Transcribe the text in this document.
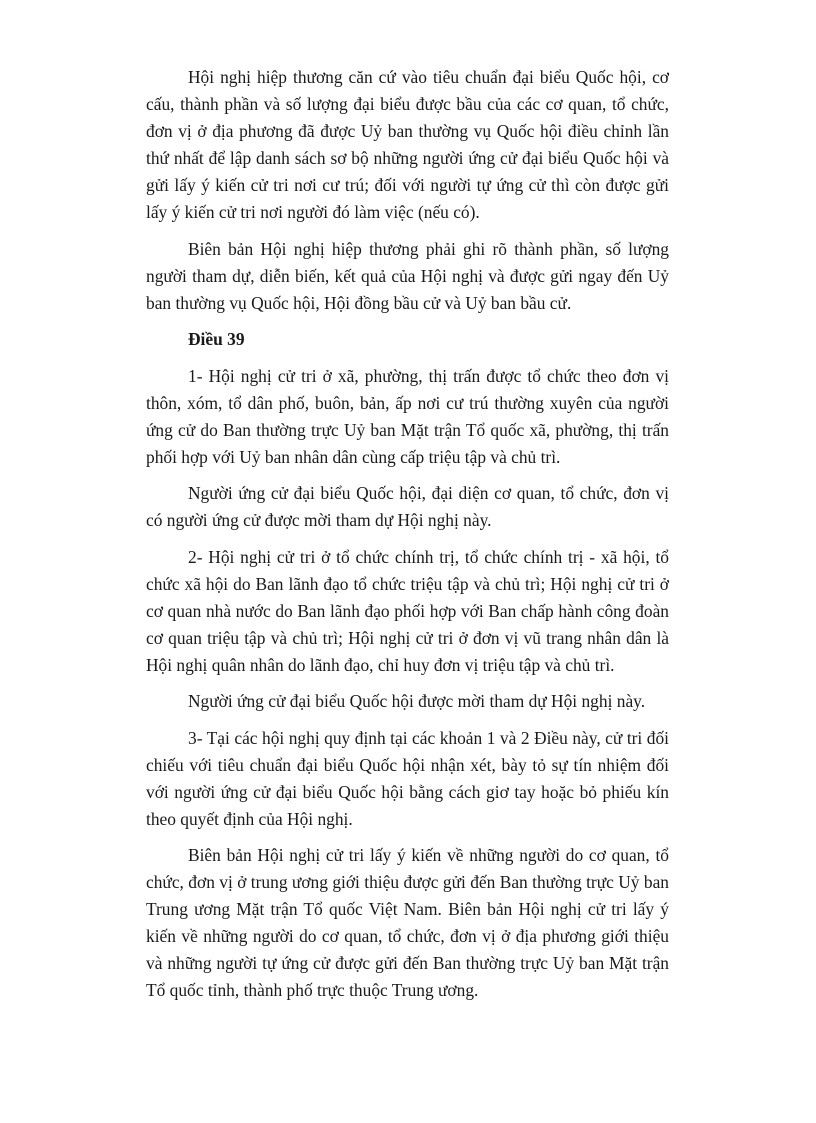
Hội nghị hiệp thương căn cứ vào tiêu chuẩn đại biểu Quốc hội, cơ cấu, thành phần và số lượng đại biểu được bầu của các cơ quan, tổ chức, đơn vị ở địa phương đã được Uỷ ban thường vụ Quốc hội điều chỉnh lần thứ nhất để lập danh sách sơ bộ những người ứng cử đại biểu Quốc hội và gửi lấy ý kiến cử tri nơi cư trú; đối với người tự ứng cử thì còn được gửi lấy ý kiến cử tri nơi người đó làm việc (nếu có).

Biên bản Hội nghị hiệp thương phải ghi rõ thành phần, số lượng người tham dự, diễn biến, kết quả của Hội nghị và được gửi ngay đến Uỷ ban thường vụ Quốc hội, Hội đồng bầu cử và Uỷ ban bầu cử.

Điều 39

1- Hội nghị cử tri ở xã, phường, thị trấn được tổ chức theo đơn vị thôn, xóm, tổ dân phố, buôn, bản, ấp nơi cư trú thường xuyên của người ứng cử do Ban thường trực Uỷ ban Mặt trận Tổ quốc xã, phường, thị trấn phối hợp với Uỷ ban nhân dân cùng cấp triệu tập và chủ trì.

Người ứng cử đại biểu Quốc hội, đại diện cơ quan, tổ chức, đơn vị có người ứng cử được mời tham dự Hội nghị này.

2- Hội nghị cử tri ở tổ chức chính trị, tổ chức chính trị - xã hội, tổ chức xã hội do Ban lãnh đạo tổ chức triệu tập và chủ trì; Hội nghị cử tri ở cơ quan nhà nước do Ban lãnh đạo phối hợp với Ban chấp hành công đoàn cơ quan triệu tập và chủ trì; Hội nghị cử tri ở đơn vị vũ trang nhân dân là Hội nghị quân nhân do lãnh đạo, chỉ huy đơn vị triệu tập và chủ trì.

Người ứng cử đại biểu Quốc hội được mời tham dự Hội nghị này.

3- Tại các hội nghị quy định tại các khoản 1 và 2 Điều này, cử tri đối chiếu với tiêu chuẩn đại biểu Quốc hội nhận xét, bày tỏ sự tín nhiệm đối với người ứng cử đại biểu Quốc hội bằng cách giơ tay hoặc bỏ phiếu kín theo quyết định của Hội nghị.

Biên bản Hội nghị cử tri lấy ý kiến về những người do cơ quan, tổ chức, đơn vị ở trung ương giới thiệu được gửi đến Ban thường trực Uỷ ban Trung ương Mặt trận Tổ quốc Việt Nam. Biên bản Hội nghị cử tri lấy ý kiến về những người do cơ quan, tổ chức, đơn vị ở địa phương giới thiệu và những người tự ứng cử được gửi đến Ban thường trực Uỷ ban Mặt trận Tổ quốc tỉnh, thành phố trực thuộc Trung ương.
